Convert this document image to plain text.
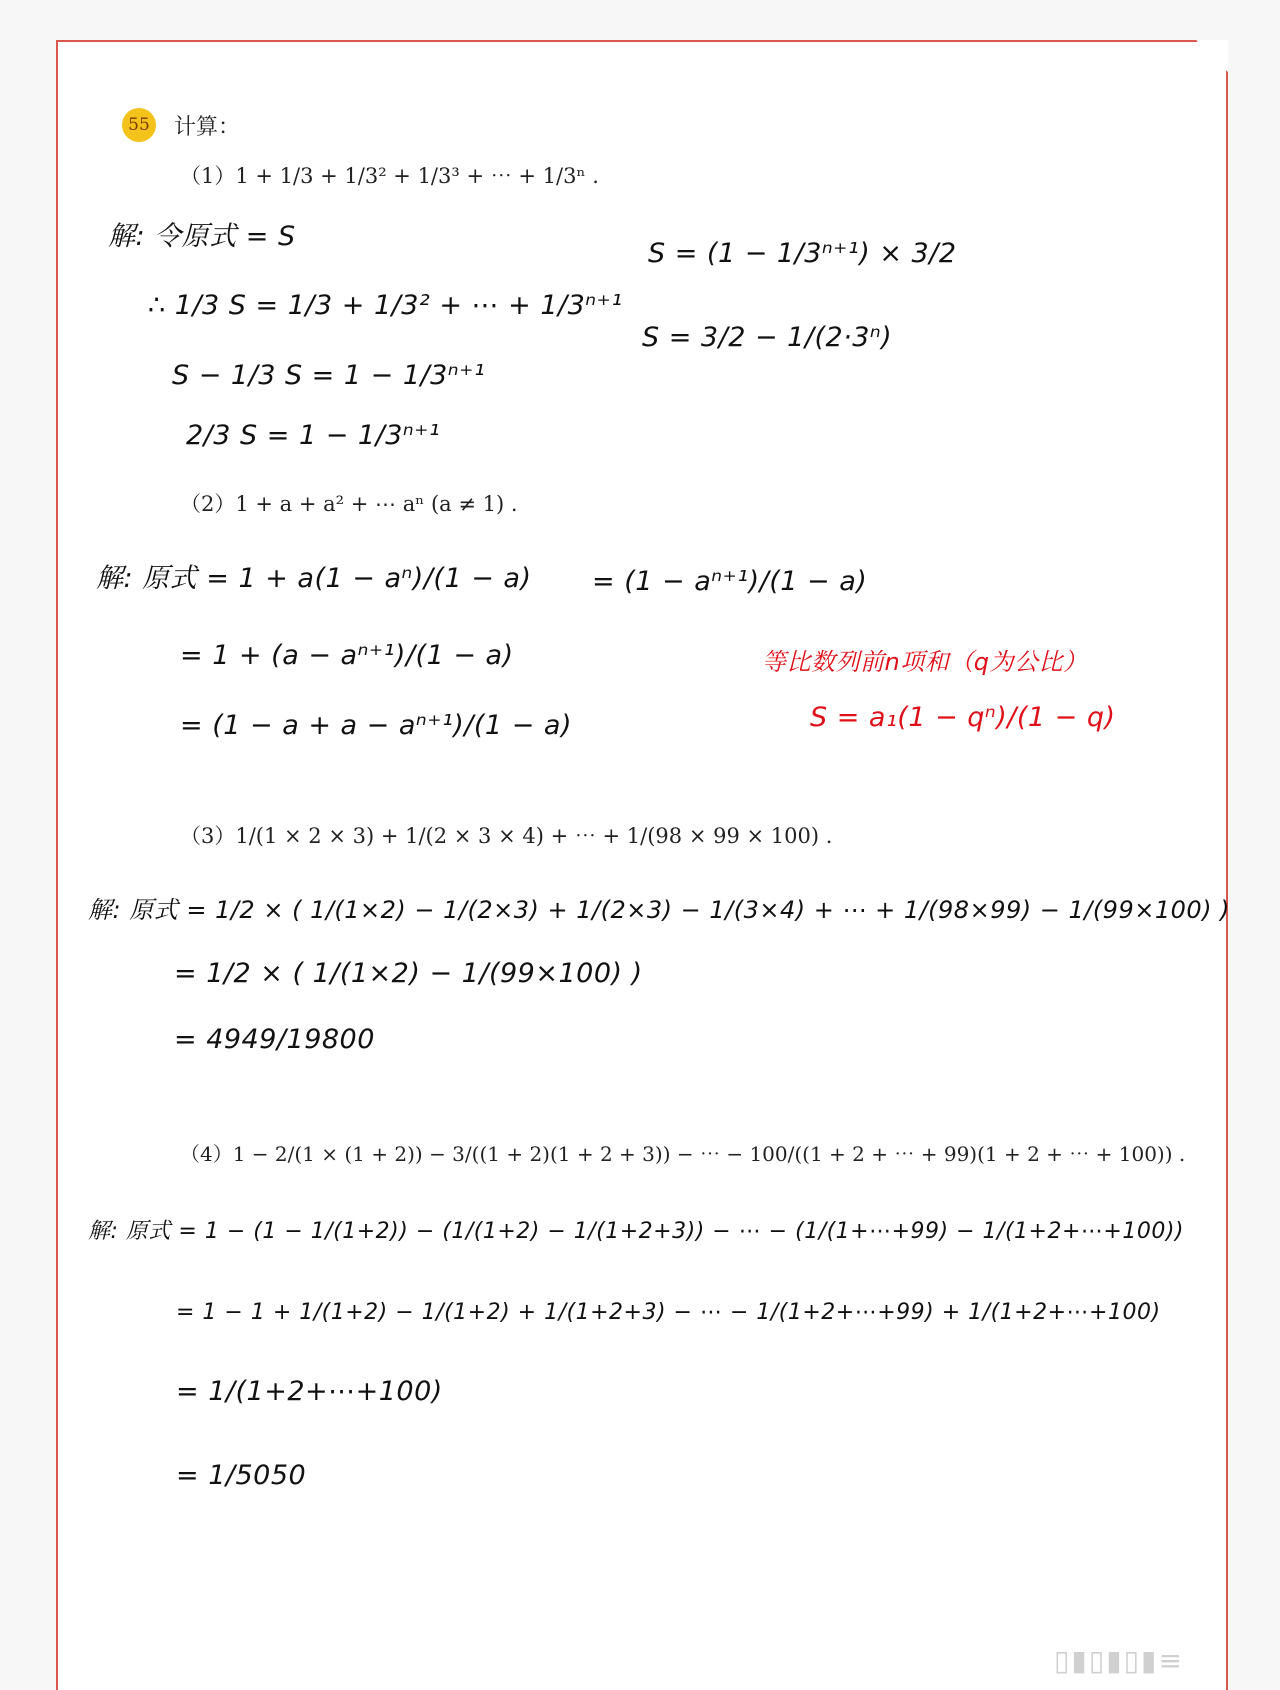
55 计算：
（1）1 + 1/3 + 1/3² + 1/3³ + ⋯ + 1/3ⁿ .
解: 令原式 = S
∴ 1/3 S = 1/3 + 1/3² + ⋯ + 1/3ⁿ⁺¹
S − 1/3 S = 1 − 1/3ⁿ⁺¹
2/3 S = 1 − 1/3ⁿ⁺¹
S = (1 − 1/3ⁿ⁺¹) × 3/2
S = 3/2 − 1/(2·3ⁿ)
（2）1 + a + a² + ⋯ aⁿ (a ≠ 1) .
解: 原式 = 1 + a(1 − aⁿ)/(1 − a)
= 1 + (a − aⁿ⁺¹)/(1 − a)
= (1 − a + a − aⁿ⁺¹)/(1 − a)
= (1 − aⁿ⁺¹)/(1 − a)
等比数列前n项和（q为公比）
S = a₁(1 − qⁿ)/(1 − q)
（3）1/(1 × 2 × 3) + 1/(2 × 3 × 4) + ⋯ + 1/(98 × 99 × 100) .
解: 原式 = 1/2 × ( 1/(1×2) − 1/(2×3) + 1/(2×3) − 1/(3×4) + ⋯ + 1/(98×99) − 1/(99×100) )
= 1/2 × ( 1/(1×2) − 1/(99×100) )
= 4949/19800
（4）1 − 2/(1 × (1 + 2)) − 3/((1 + 2)(1 + 2 + 3)) − ⋯ − 100/((1 + 2 + ⋯ + 99)(1 + 2 + ⋯ + 100)) .
解: 原式 = 1 − (1 − 1/(1+2)) − (1/(1+2) − 1/(1+2+3)) − ⋯ − (1/(1+⋯+99) − 1/(1+2+⋯+100))
= 1 − 1 + 1/(1+2) − 1/(1+2) + 1/(1+2+3) − ⋯ − 1/(1+2+⋯+99) + 1/(1+2+⋯+100)
= 1/(1+2+⋯+100)
= 1/5050
▯▮▯▮▯▮≡
